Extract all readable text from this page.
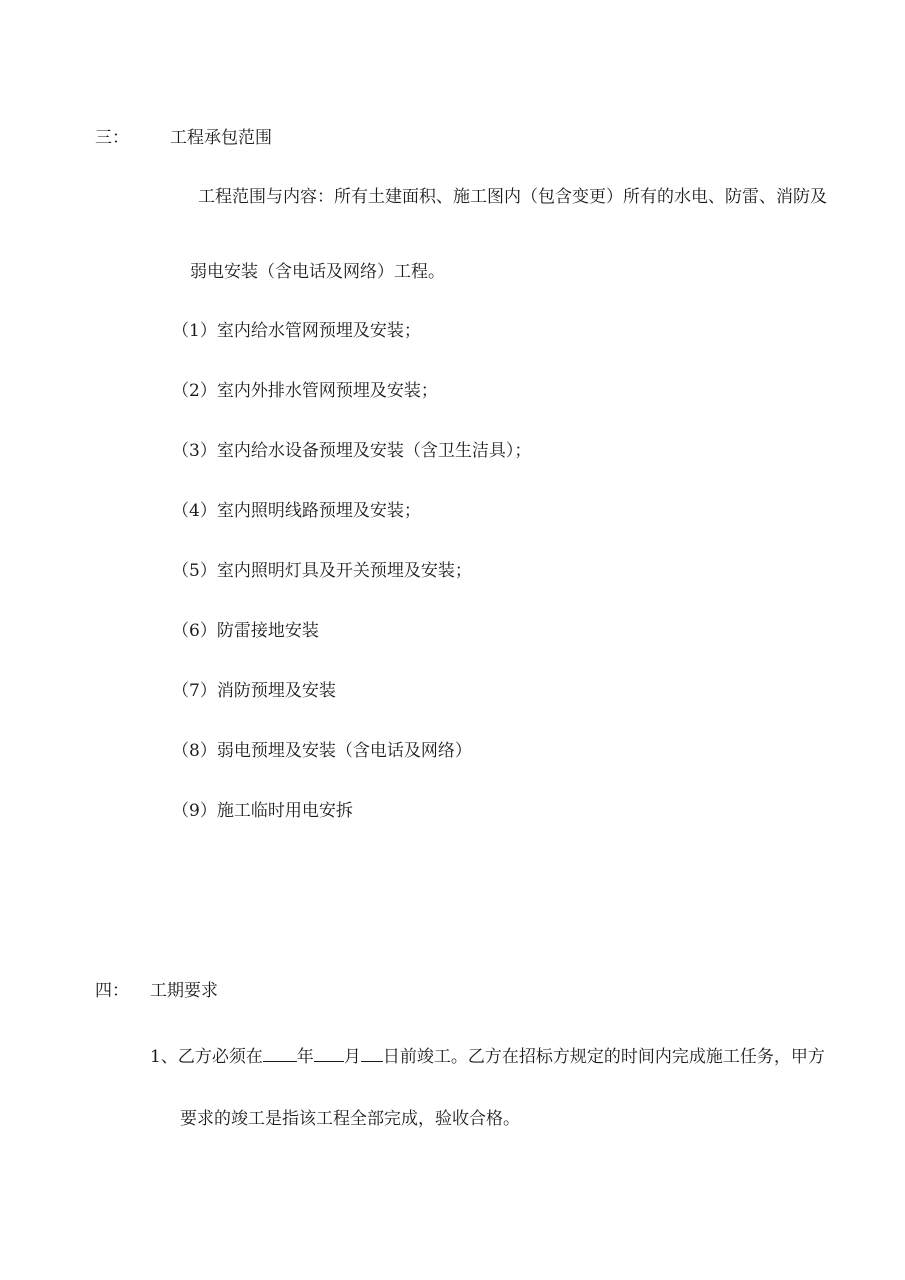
三： 工程承包范围
工程范围与内容：所有土建面积、施工图内（包含变更）所有的水电、防雷、消防及
弱电安装（含电话及网络）工程。
（1）室内给水管网预埋及安装；
（2）室内外排水管网预埋及安装；
（3）室内给水设备预埋及安装（含卫生洁具）；
（4）室内照明线路预埋及安装；
（5）室内照明灯具及开关预埋及安装；
（6）防雷接地安装
（7）消防预埋及安装
（8）弱电预埋及安装（含电话及网络）
（9）施工临时用电安拆
四： 工期要求
1、乙方必须在 年 月 日前竣工。乙方在招标方规定的时间内完成施工任务，甲方
要求的竣工是指该工程全部完成，验收合格。
